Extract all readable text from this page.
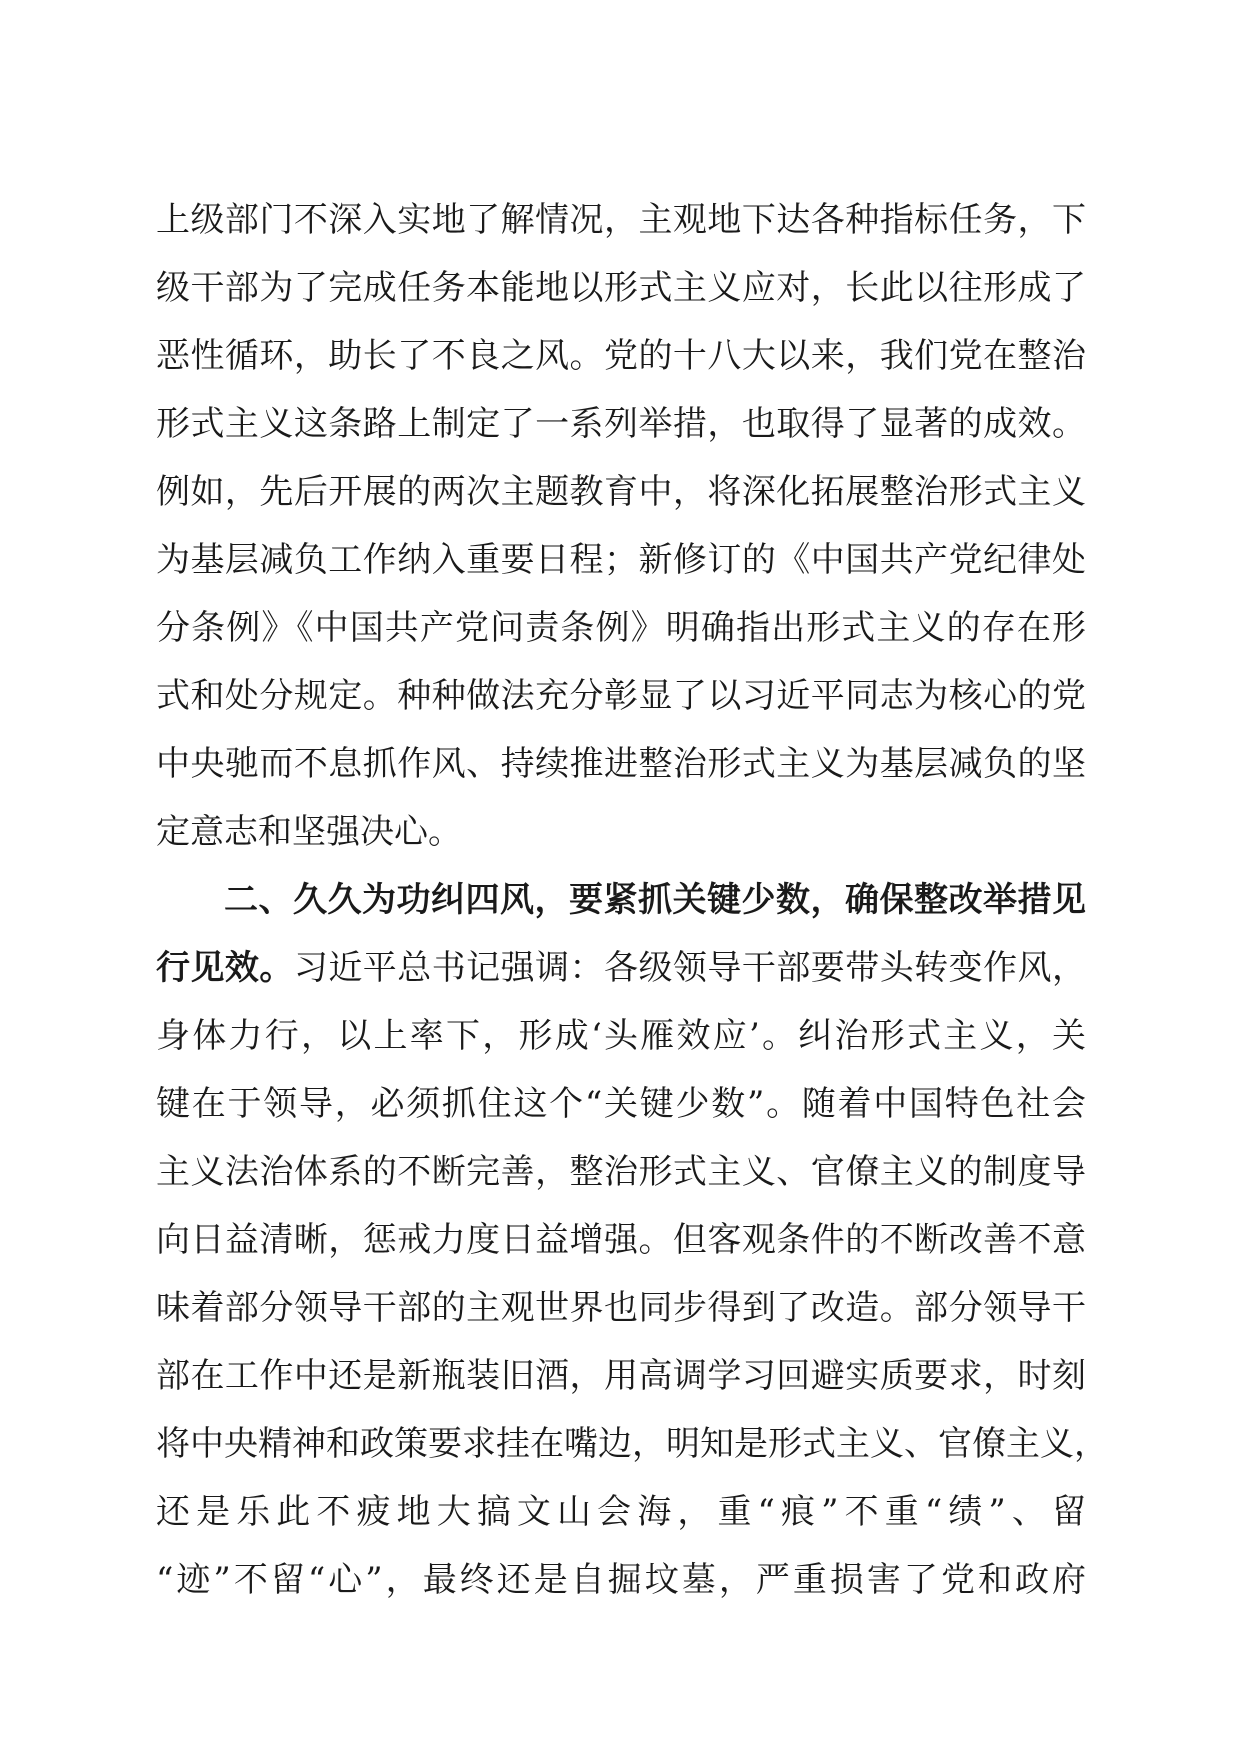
上级部门不深入实地了解情况，主观地下达各种指标任务，下
级干部为了完成任务本能地以形式主义应对，长此以往形成了
恶性循环，助长了不良之风。党的十八大以来，我们党在整治
形式主义这条路上制定了一系列举措，也取得了显著的成效。
例如，先后开展的两次主题教育中，将深化拓展整治形式主义
为基层减负工作纳入重要日程；新修订的《中国共产党纪律处
分条例》《中国共产党问责条例》明确指出形式主义的存在形
式和处分规定。种种做法充分彰显了以习近平同志为核心的党
中央驰而不息抓作风、持续推进整治形式主义为基层减负的坚
定意志和坚强决心。
二、久久为功纠四风，要紧抓关键少数，确保整改举措见
行见效。习近平总书记强调：各级领导干部要带头转变作风，
身体力行，以上率下，形成‘头雁效应’。纠治形式主义，关
键在于领导，必须抓住这个“关键少数”。随着中国特色社会
主义法治体系的不断完善，整治形式主义、官僚主义的制度导
向日益清晰，惩戒力度日益增强。但客观条件的不断改善不意
味着部分领导干部的主观世界也同步得到了改造。部分领导干
部在工作中还是新瓶装旧酒，用高调学习回避实质要求，时刻
将中央精神和政策要求挂在嘴边，明知是形式主义、官僚主义，
还是乐此不疲地大搞文山会海，重“痕”不重“绩”、留
“迹”不留“心”，最终还是自掘坟墓，严重损害了党和政府
